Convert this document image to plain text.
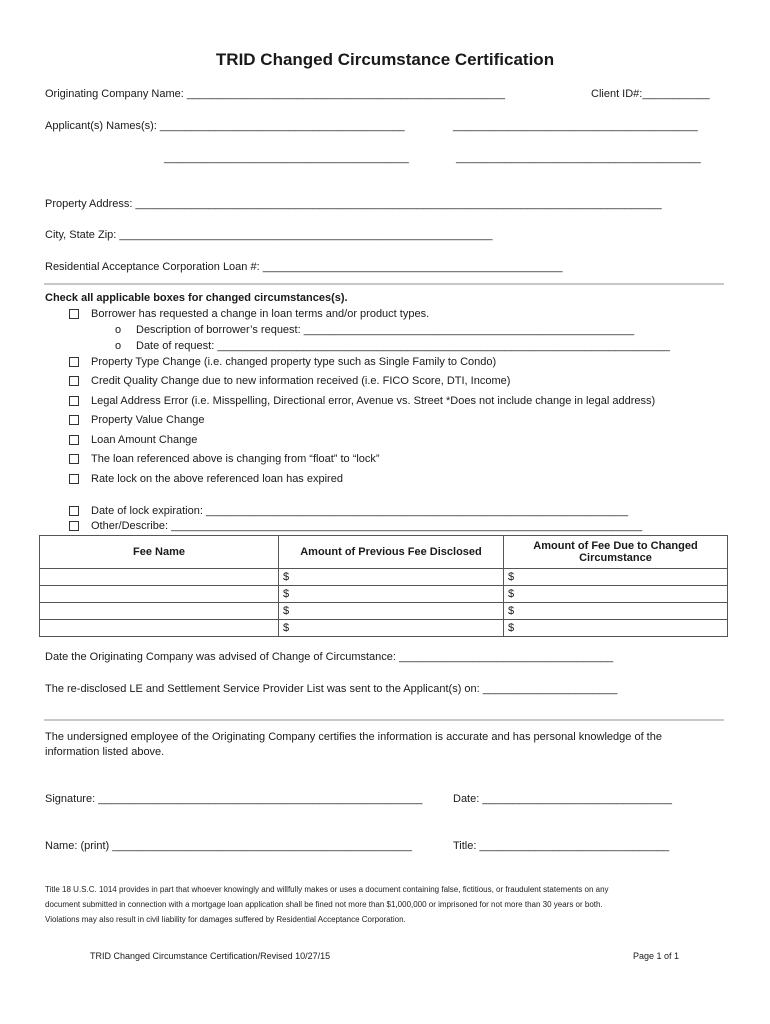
TRID Changed Circumstance Certification
Originating Company Name: ____________________________________________________	Client ID#:___________
Applicant(s) Names(s): ________________________________________	________________________________________
________________________________________	________________________________________
Property Address: ______________________________________________________________________________________
City, State Zip: _____________________________________________________________
Residential Acceptance Corporation Loan #: _________________________________________________
Check all applicable boxes for changed circumstances(s).
Borrower has requested a change in loan terms and/or product types.
o Description of borrower’s request: ______________________________________________________
o Date of request: __________________________________________________________________________
Property Type Change (i.e. changed property type such as Single Family to Condo)
Credit Quality Change due to new information received (i.e. FICO Score, DTI, Income)
Legal Address Error (i.e. Misspelling, Directional error, Avenue vs. Street *Does not include change in legal address)
Property Value Change
Loan Amount Change
The loan referenced above is changing from “float” to “lock”
Rate lock on the above referenced loan has expired
Date of lock expiration: _____________________________________________________________________
Other/Describe: _____________________________________________________________________________
Fee Name	Amount of Previous Fee Disclosed	Amount of Fee Due to Changed Circumstance
	$	$
	$	$
	$	$
	$	$
Date the Originating Company was advised of Change of Circumstance: ___________________________________
The re-disclosed LE and Settlement Service Provider List was sent to the Applicant(s) on: ______________________
The undersigned employee of the Originating Company certifies the information is accurate and has personal knowledge of the
information listed above.
Signature: _____________________________________________________	Date: _______________________________
Name: (print) _________________________________________________	Title: _______________________________
Title 18 U.S.C. 1014 provides in part that whoever knowingly and willfully makes or uses a document containing false, fictitious, or fraudulent statements on any
document submitted in connection with a mortgage loan application shall be fined not more than $1,000,000 or imprisoned for not more than 30 years or both.
Violations may also result in civil liability for damages suffered by Residential Acceptance Corporation.
TRID Changed Circumstance Certification/Revised 10/27/15	Page 1 of 1
